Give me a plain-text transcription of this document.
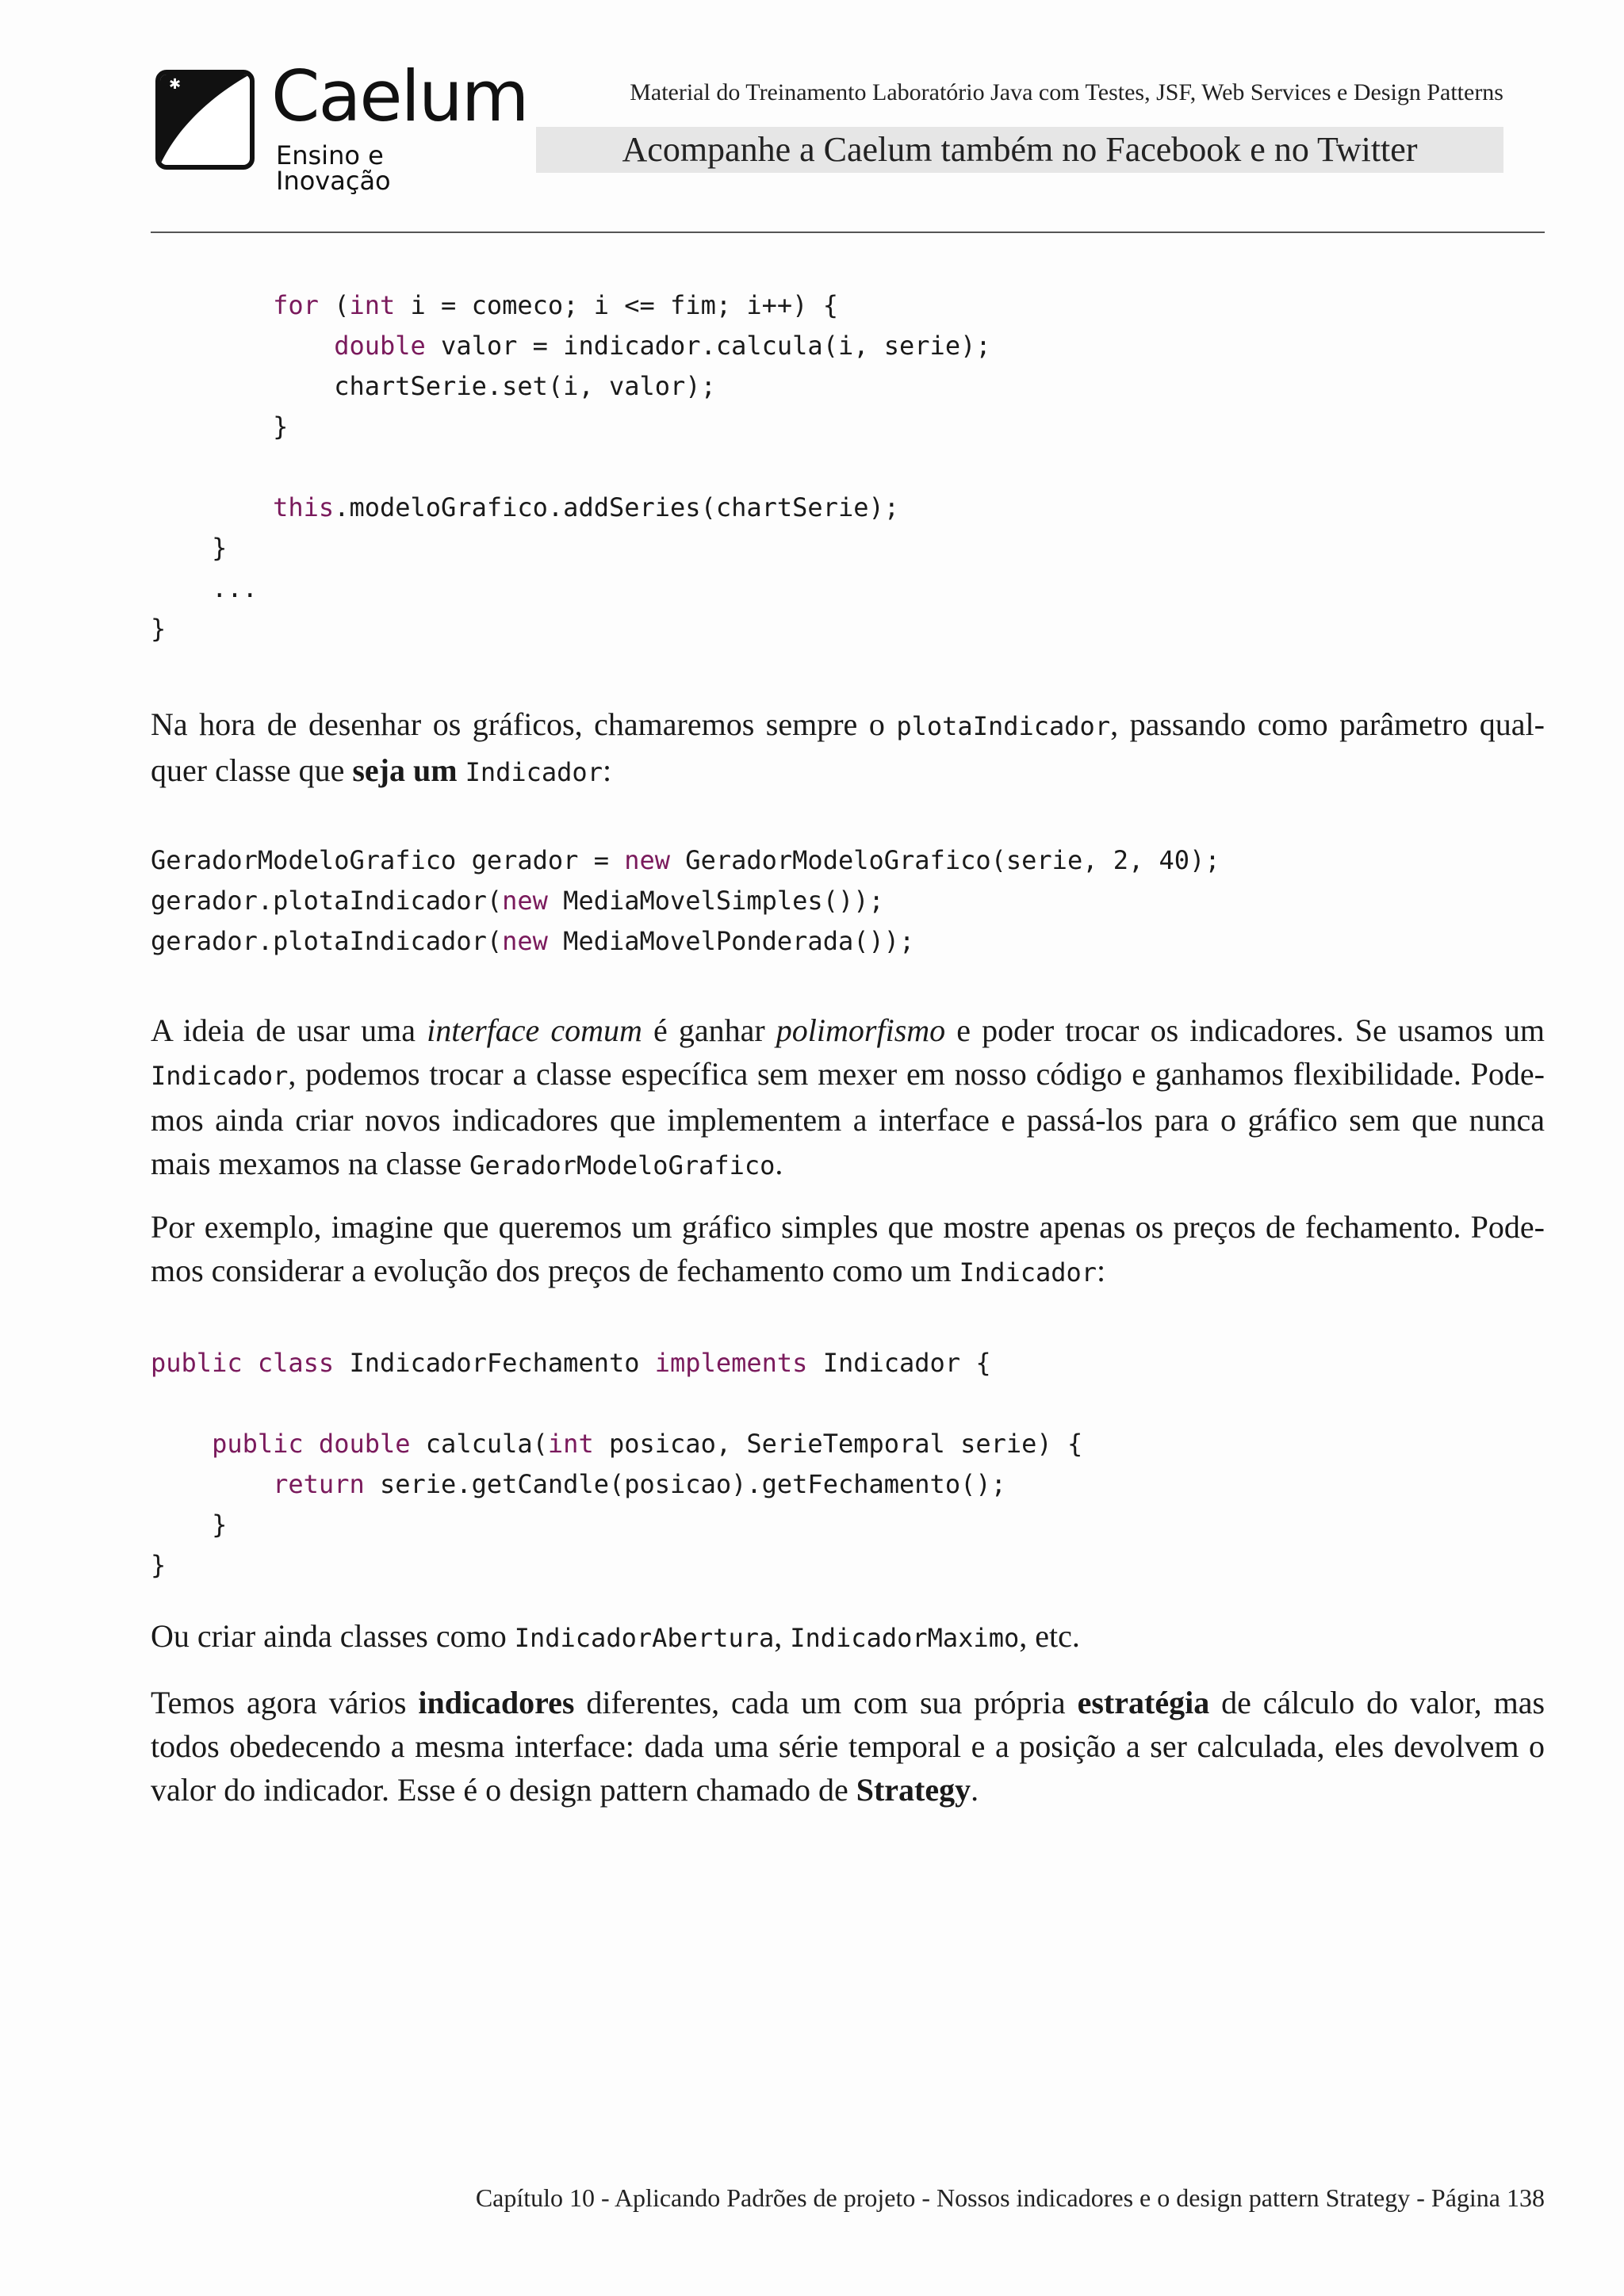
✱ Caelum
Ensino e Inovação
Material do Treinamento Laboratório Java com Testes, JSF, Web Services e Design Patterns
Acompanhe a Caelum também no Facebook e no Twitter
for (int i = comeco; i <= fim; i++) {
double valor = indicador.calcula(i, serie);
chartSerie.set(i, valor);
}

this.modeloGrafico.addSeries(chartSerie);
}
...
}

Na hora de desenhar os gráficos, chamaremos sempre o plotaIndicador, passando como parâmetro qual-quer classe que seja um Indicador:

GeradorModeloGrafico gerador = new GeradorModeloGrafico(serie, 2, 40);
gerador.plotaIndicador(new MediaMovelSimples());
gerador.plotaIndicador(new MediaMovelPonderada());

A ideia de usar uma interface comum é ganhar polimorfismo e poder trocar os indicadores. Se usamos um Indicador, podemos trocar a classe específica sem mexer em nosso código e ganhamos flexibilidade. Pode-mos ainda criar novos indicadores que implementem a interface e passá-los para o gráfico sem que nunca mais mexamos na classe GeradorModeloGrafico.

Por exemplo, imagine que queremos um gráfico simples que mostre apenas os preços de fechamento. Pode-mos considerar a evolução dos preços de fechamento como um Indicador:

public class IndicadorFechamento implements Indicador {

public double calcula(int posicao, SerieTemporal serie) {
return serie.getCandle(posicao).getFechamento();
}
}

Ou criar ainda classes como IndicadorAbertura, IndicadorMaximo, etc.

Temos agora vários indicadores diferentes, cada um com sua própria estratégia de cálculo do valor, mas todos obedecendo a mesma interface: dada uma série temporal e a posição a ser calculada, eles devolvem o valor do indicador. Esse é o design pattern chamado de Strategy.

Capítulo 10 - Aplicando Padrões de projeto - Nossos indicadores e o design pattern Strategy - Página 138
